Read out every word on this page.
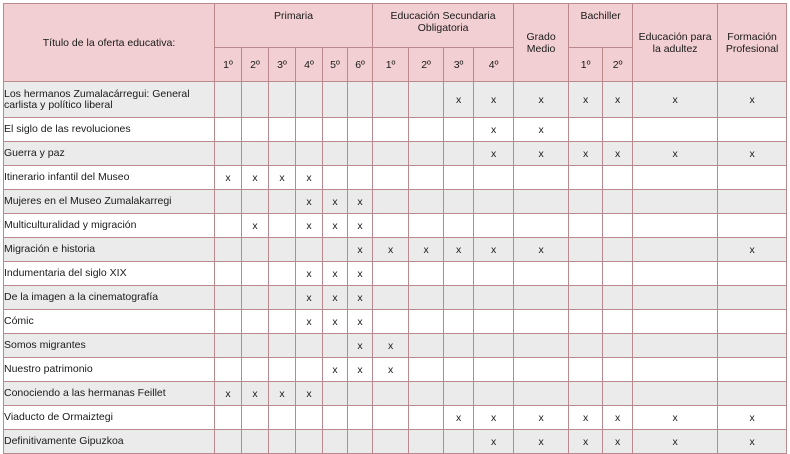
Título de la oferta educativa:	Primaria						Educación Secundaria Obligatoria				Grado Medio	Bachiller		Educación para la adultez	Formación Profesional
	1º	2º	3º	4º	5º	6º	1º	2º	3º	4º		1º	2º		
Los hermanos Zumalacárregui: General carlista y político liberal									x	x	x	x	x	x	x
El siglo de las revoluciones										x	x				
Guerra y paz										x	x	x	x	x	x
Itinerario infantil del Museo	x	x	x	x											
Mujeres en el Museo Zumalakarregi				x	x	x									
Multiculturalidad y migración		x		x	x	x									
Migración e historia						x	x	x	x	x	x				x
Indumentaria del siglo XIX				x	x	x									
De la imagen a la cinematografía				x	x	x									
Cómic				x	x	x									
Somos migrantes						x	x								
Nuestro patrimonio					x	x	x								
Conociendo a las hermanas Feillet	x	x	x	x											
Viaducto de Ormaiztegi									x	x	x	x	x	x	x
Definitivamente Gipuzkoa										x	x	x	x	x	x
